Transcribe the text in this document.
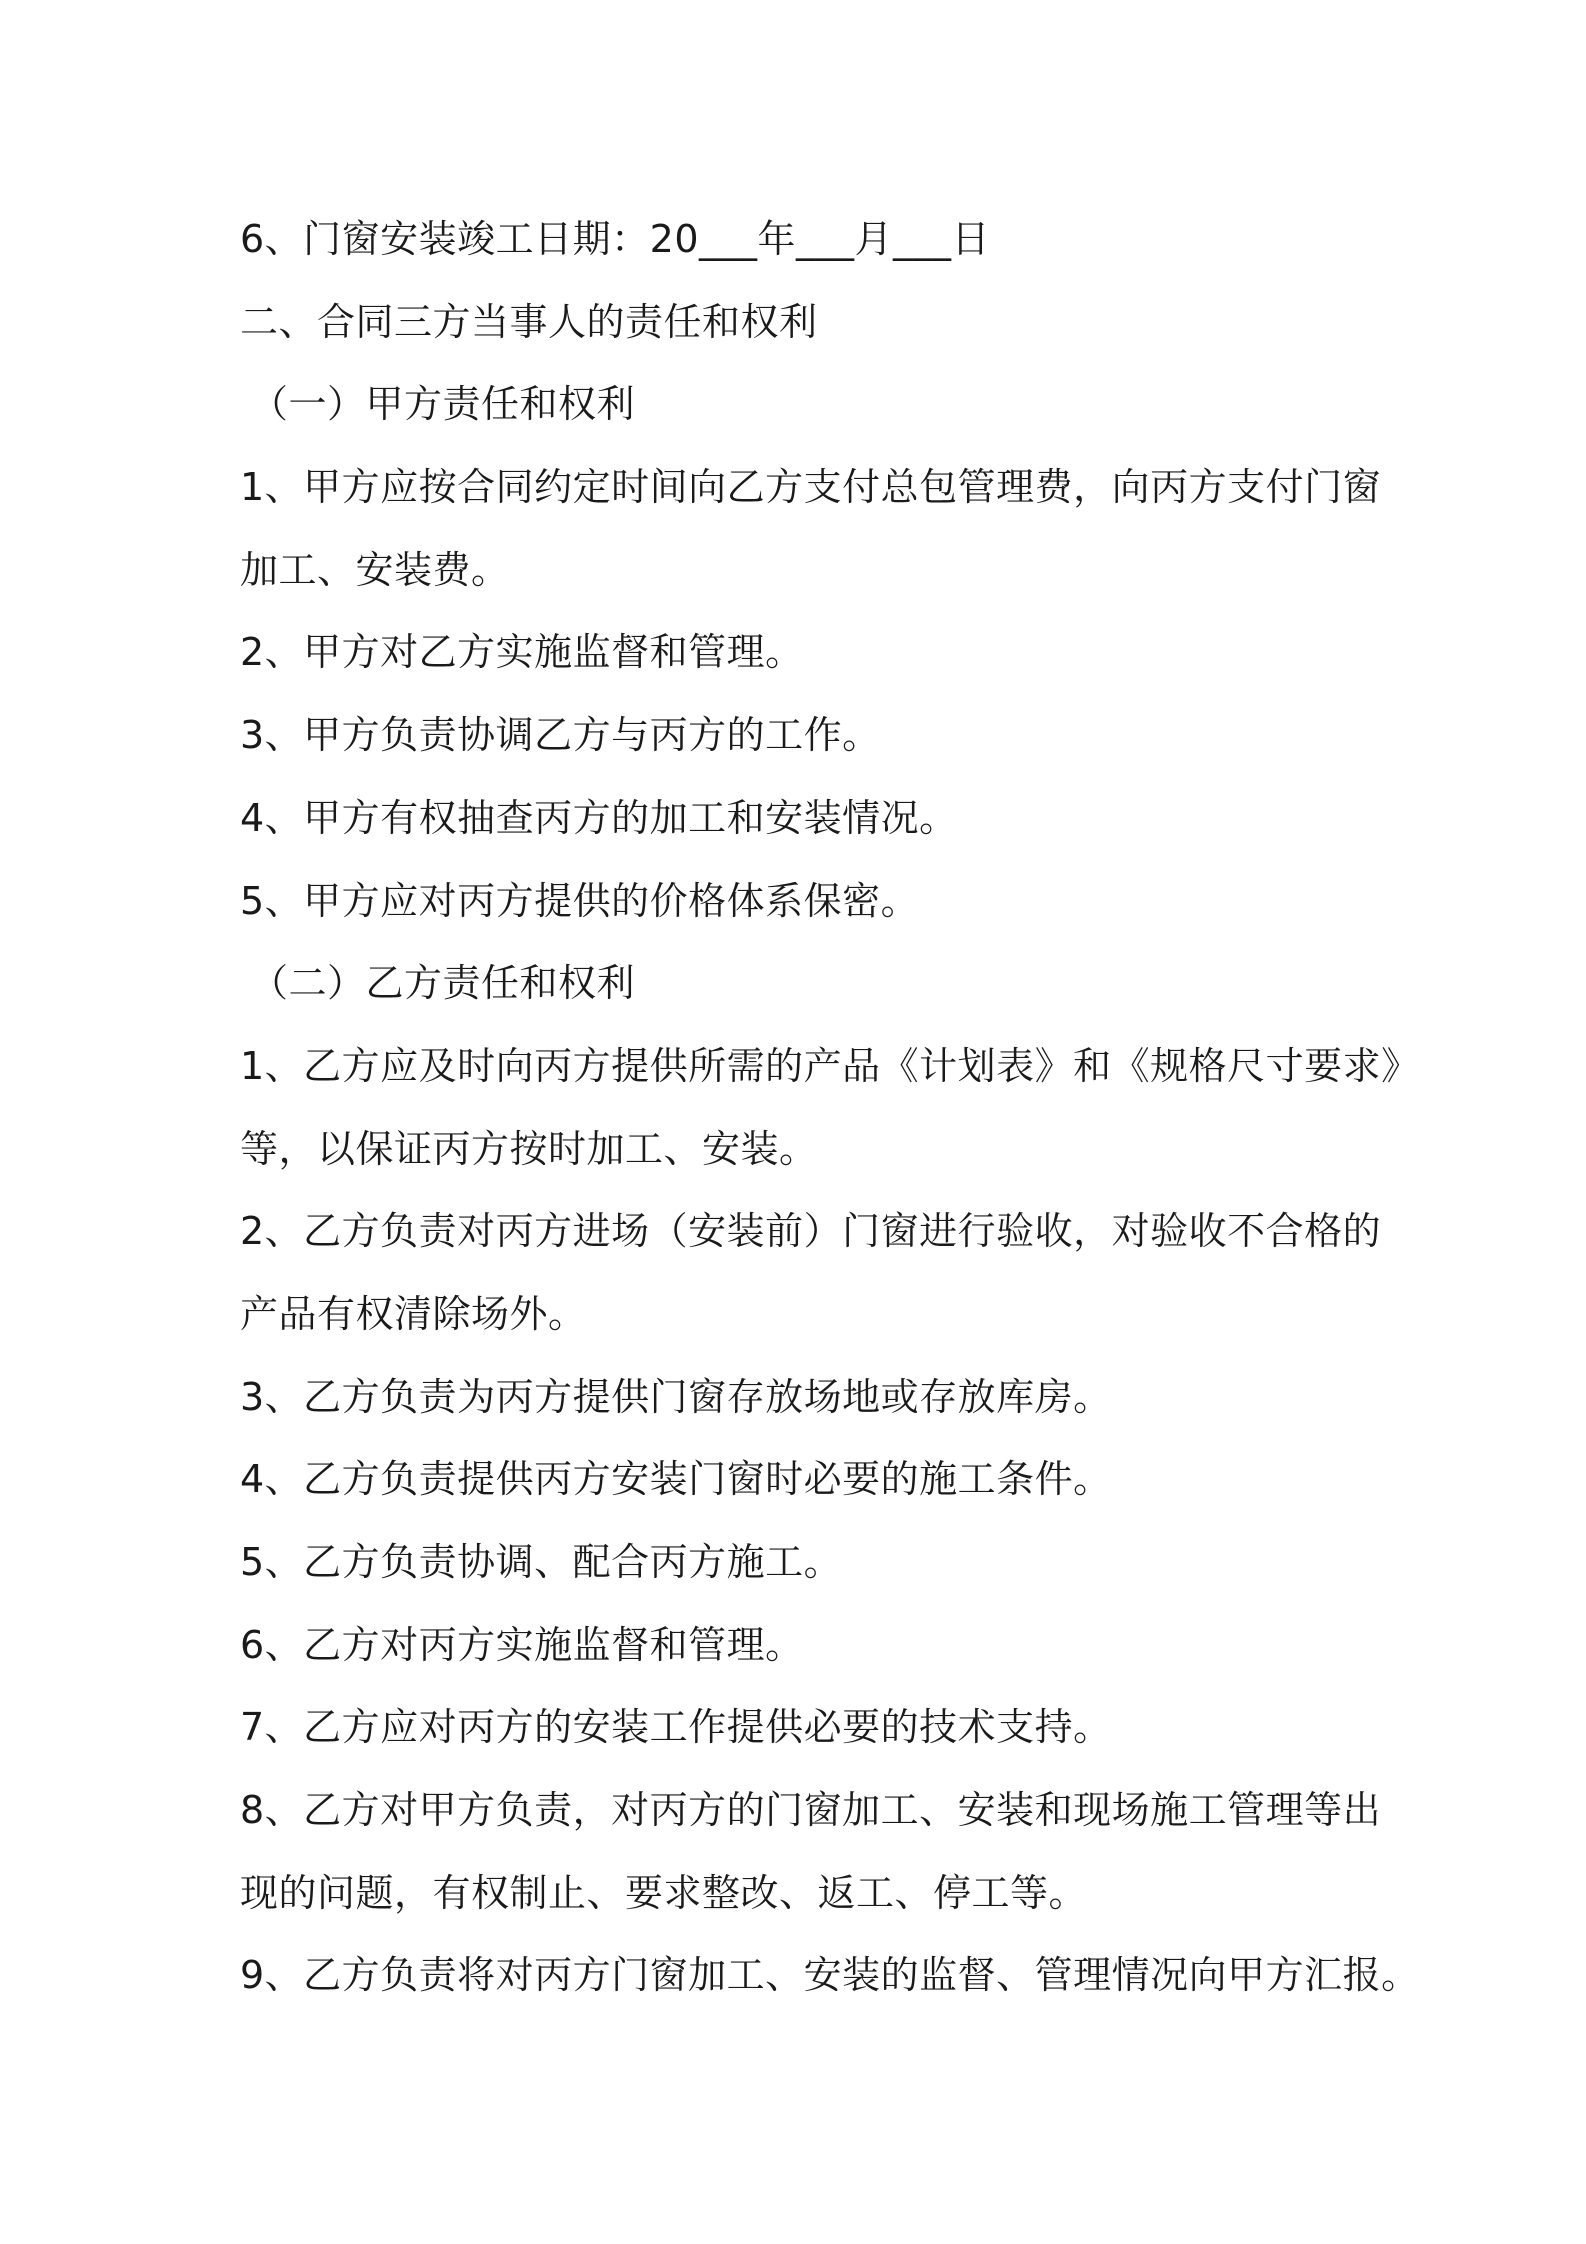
6、门窗安装竣工日期：20___年___月___日
二、合同三方当事人的责任和权利
（一）甲方责任和权利
1、甲方应按合同约定时间向乙方支付总包管理费，向丙方支付门窗
加工、安装费。
2、甲方对乙方实施监督和管理。
3、甲方负责协调乙方与丙方的工作。
4、甲方有权抽查丙方的加工和安装情况。
5、甲方应对丙方提供的价格体系保密。
（二）乙方责任和权利
1、乙方应及时向丙方提供所需的产品《计划表》和《规格尺寸要求》
等，以保证丙方按时加工、安装。
2、乙方负责对丙方进场（安装前）门窗进行验收，对验收不合格的
产品有权清除场外。
3、乙方负责为丙方提供门窗存放场地或存放库房。
4、乙方负责提供丙方安装门窗时必要的施工条件。
5、乙方负责协调、配合丙方施工。
6、乙方对丙方实施监督和管理。
7、乙方应对丙方的安装工作提供必要的技术支持。
8、乙方对甲方负责，对丙方的门窗加工、安装和现场施工管理等出
现的问题，有权制止、要求整改、返工、停工等。
9、乙方负责将对丙方门窗加工、安装的监督、管理情况向甲方汇报。
